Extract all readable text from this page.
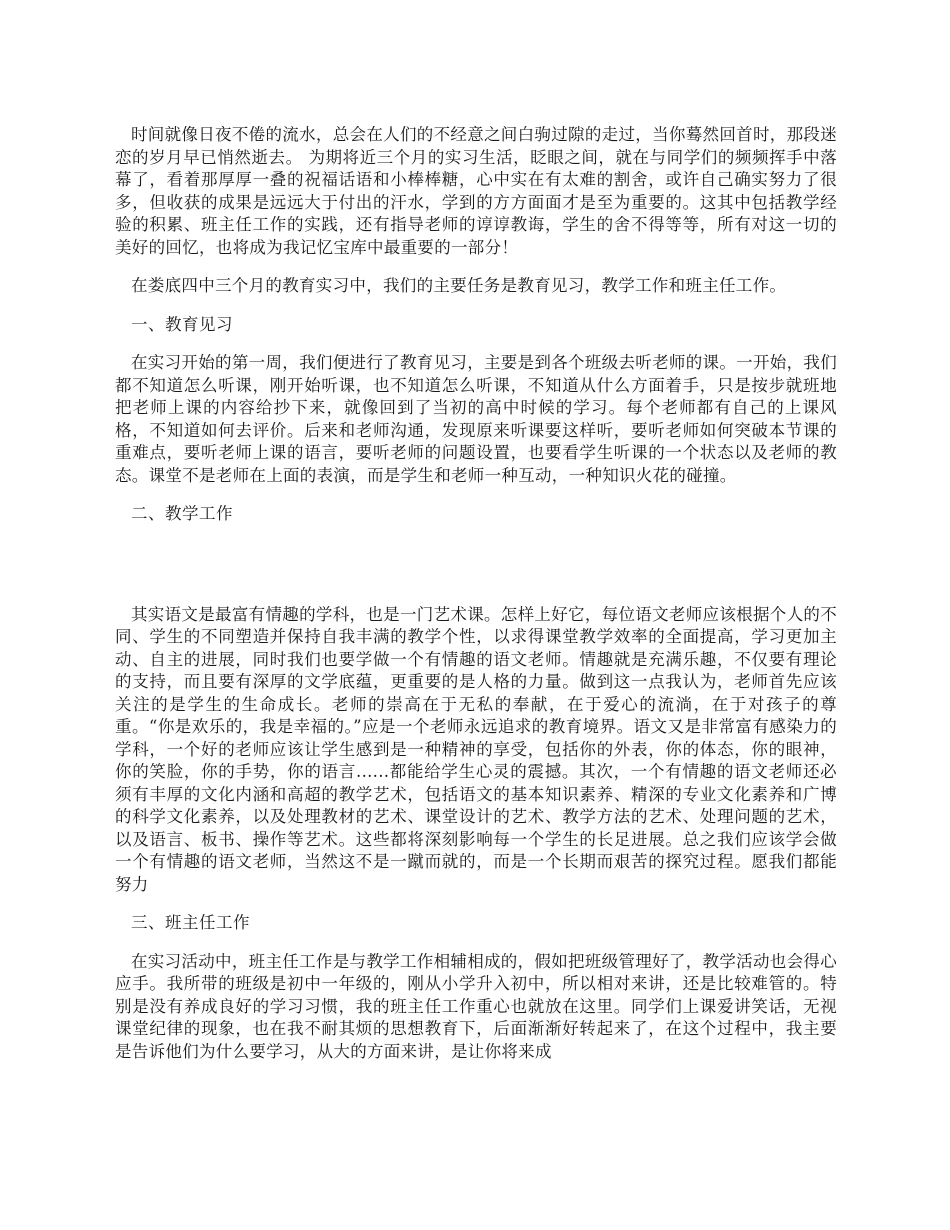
时间就像日夜不倦的流水，总会在人们的不经意之间白驹过隙的走过，当你蓦然回首时，那段迷恋的岁月早已悄然逝去。 为期将近三个月的实习生活，眨眼之间，就在与同学们的频频挥手中落幕了，看着那厚厚一叠的祝福话语和小棒棒糖，心中实在有太难的割舍，或许自己确实努力了很多，但收获的成果是远远大于付出的汗水，学到的方方面面才是至为重要的。这其中包括教学经验的积累、班主任工作的实践，还有指导老师的谆谆教诲，学生的舍不得等等，所有对这一切的美好的回忆，也将成为我记忆宝库中最重要的一部分！

在娄底四中三个月的教育实习中，我们的主要任务是教育见习，教学工作和班主任工作。

一、教育见习

在实习开始的第一周，我们便进行了教育见习，主要是到各个班级去听老师的课。一开始，我们都不知道怎么听课，刚开始听课，也不知道怎么听课，不知道从什么方面着手，只是按步就班地把老师上课的内容给抄下来，就像回到了当初的高中时候的学习。每个老师都有自己的上课风格，不知道如何去评价。后来和老师沟通，发现原来听课要这样听，要听老师如何突破本节课的重难点，要听老师上课的语言，要听老师的问题设置，也要看学生听课的一个状态以及老师的教态。课堂不是老师在上面的表演，而是学生和老师一种互动，一种知识火花的碰撞。

二、教学工作

其实语文是最富有情趣的学科，也是一门艺术课。怎样上好它，每位语文老师应该根据个人的不同、学生的不同塑造并保持自我丰满的教学个性，以求得课堂教学效率的全面提高，学习更加主动、自主的进展，同时我们也要学做一个有情趣的语文老师。情趣就是充满乐趣，不仅要有理论的支持，而且要有深厚的文学底蕴，更重要的是人格的力量。做到这一点我认为，老师首先应该关注的是学生的生命成长。老师的崇高在于无私的奉献，在于爱心的流淌，在于对孩子的尊重。“你是欢乐的，我是幸福的。”应是一个老师永远追求的教育境界。语文又是非常富有感染力的学科，一个好的老师应该让学生感到是一种精神的享受，包括你的外表，你的体态，你的眼神，你的笑脸，你的手势，你的语言......都能给学生心灵的震撼。其次，一个有情趣的语文老师还必须有丰厚的文化内涵和高超的教学艺术，包括语文的基本知识素养、精深的专业文化素养和广博的科学文化素养，以及处理教材的艺术、课堂设计的艺术、教学方法的艺术、处理问题的艺术，以及语言、板书、操作等艺术。这些都将深刻影响每一个学生的长足进展。总之我们应该学会做一个有情趣的语文老师，当然这不是一蹴而就的，而是一个长期而艰苦的探究过程。愿我们都能努力

三、班主任工作

在实习活动中，班主任工作是与教学工作相辅相成的，假如把班级管理好了，教学活动也会得心应手。我所带的班级是初中一年级的，刚从小学升入初中，所以相对来讲，还是比较难管的。特别是没有养成良好的学习习惯，我的班主任工作重心也就放在这里。同学们上课爱讲笑话，无视课堂纪律的现象，也在我不耐其烦的思想教育下，后面渐渐好转起来了，在这个过程中，我主要是告诉他们为什么要学习，从大的方面来讲，是让你将来成
